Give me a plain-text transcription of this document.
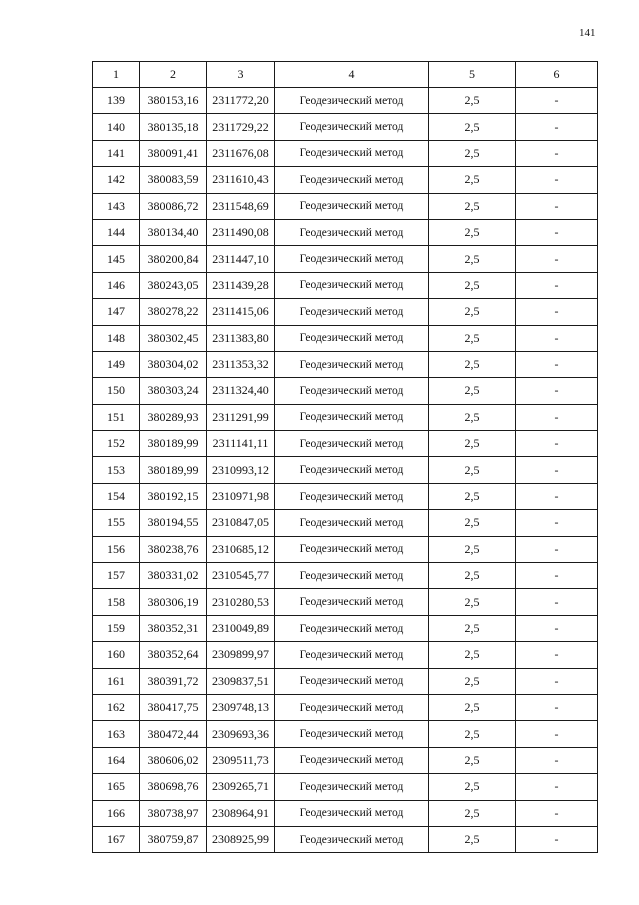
141
1	2	3	4	5	6
139	380153,16	2311772,20	Геодезический метод	2,5	-
140	380135,18	2311729,22	Геодезический метод	2,5	-
141	380091,41	2311676,08	Геодезический метод	2,5	-
142	380083,59	2311610,43	Геодезический метод	2,5	-
143	380086,72	2311548,69	Геодезический метод	2,5	-
144	380134,40	2311490,08	Геодезический метод	2,5	-
145	380200,84	2311447,10	Геодезический метод	2,5	-
146	380243,05	2311439,28	Геодезический метод	2,5	-
147	380278,22	2311415,06	Геодезический метод	2,5	-
148	380302,45	2311383,80	Геодезический метод	2,5	-
149	380304,02	2311353,32	Геодезический метод	2,5	-
150	380303,24	2311324,40	Геодезический метод	2,5	-
151	380289,93	2311291,99	Геодезический метод	2,5	-
152	380189,99	2311141,11	Геодезический метод	2,5	-
153	380189,99	2310993,12	Геодезический метод	2,5	-
154	380192,15	2310971,98	Геодезический метод	2,5	-
155	380194,55	2310847,05	Геодезический метод	2,5	-
156	380238,76	2310685,12	Геодезический метод	2,5	-
157	380331,02	2310545,77	Геодезический метод	2,5	-
158	380306,19	2310280,53	Геодезический метод	2,5	-
159	380352,31	2310049,89	Геодезический метод	2,5	-
160	380352,64	2309899,97	Геодезический метод	2,5	-
161	380391,72	2309837,51	Геодезический метод	2,5	-
162	380417,75	2309748,13	Геодезический метод	2,5	-
163	380472,44	2309693,36	Геодезический метод	2,5	-
164	380606,02	2309511,73	Геодезический метод	2,5	-
165	380698,76	2309265,71	Геодезический метод	2,5	-
166	380738,97	2308964,91	Геодезический метод	2,5	-
167	380759,87	2308925,99	Геодезический метод	2,5	-
